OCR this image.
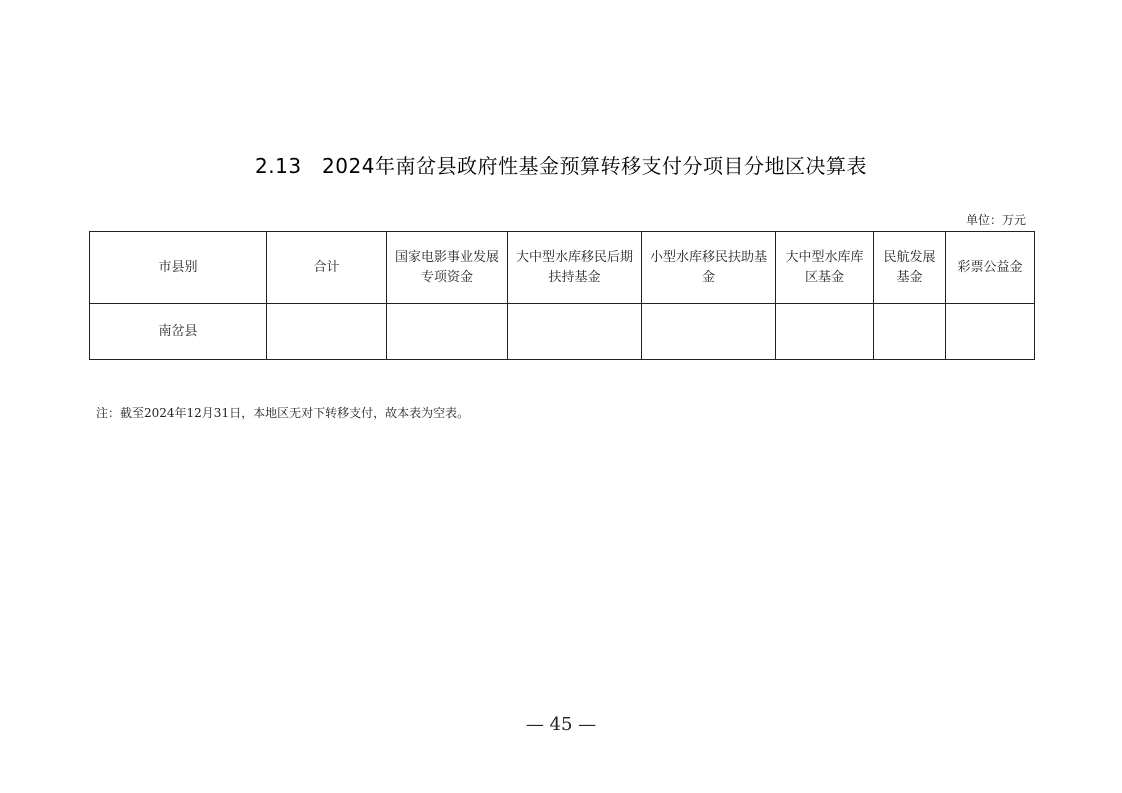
2.13　2024年南岔县政府性基金预算转移支付分项目分地区决算表
单位：万元
市县别	合计	国家电影事业发展专项资金	大中型水库移民后期扶持基金	小型水库移民扶助基金	大中型水库库区基金	民航发展基金	彩票公益金
南岔县							
注：截至2024年12月31日，本地区无对下转移支付，故本表为空表。
— 45 —
